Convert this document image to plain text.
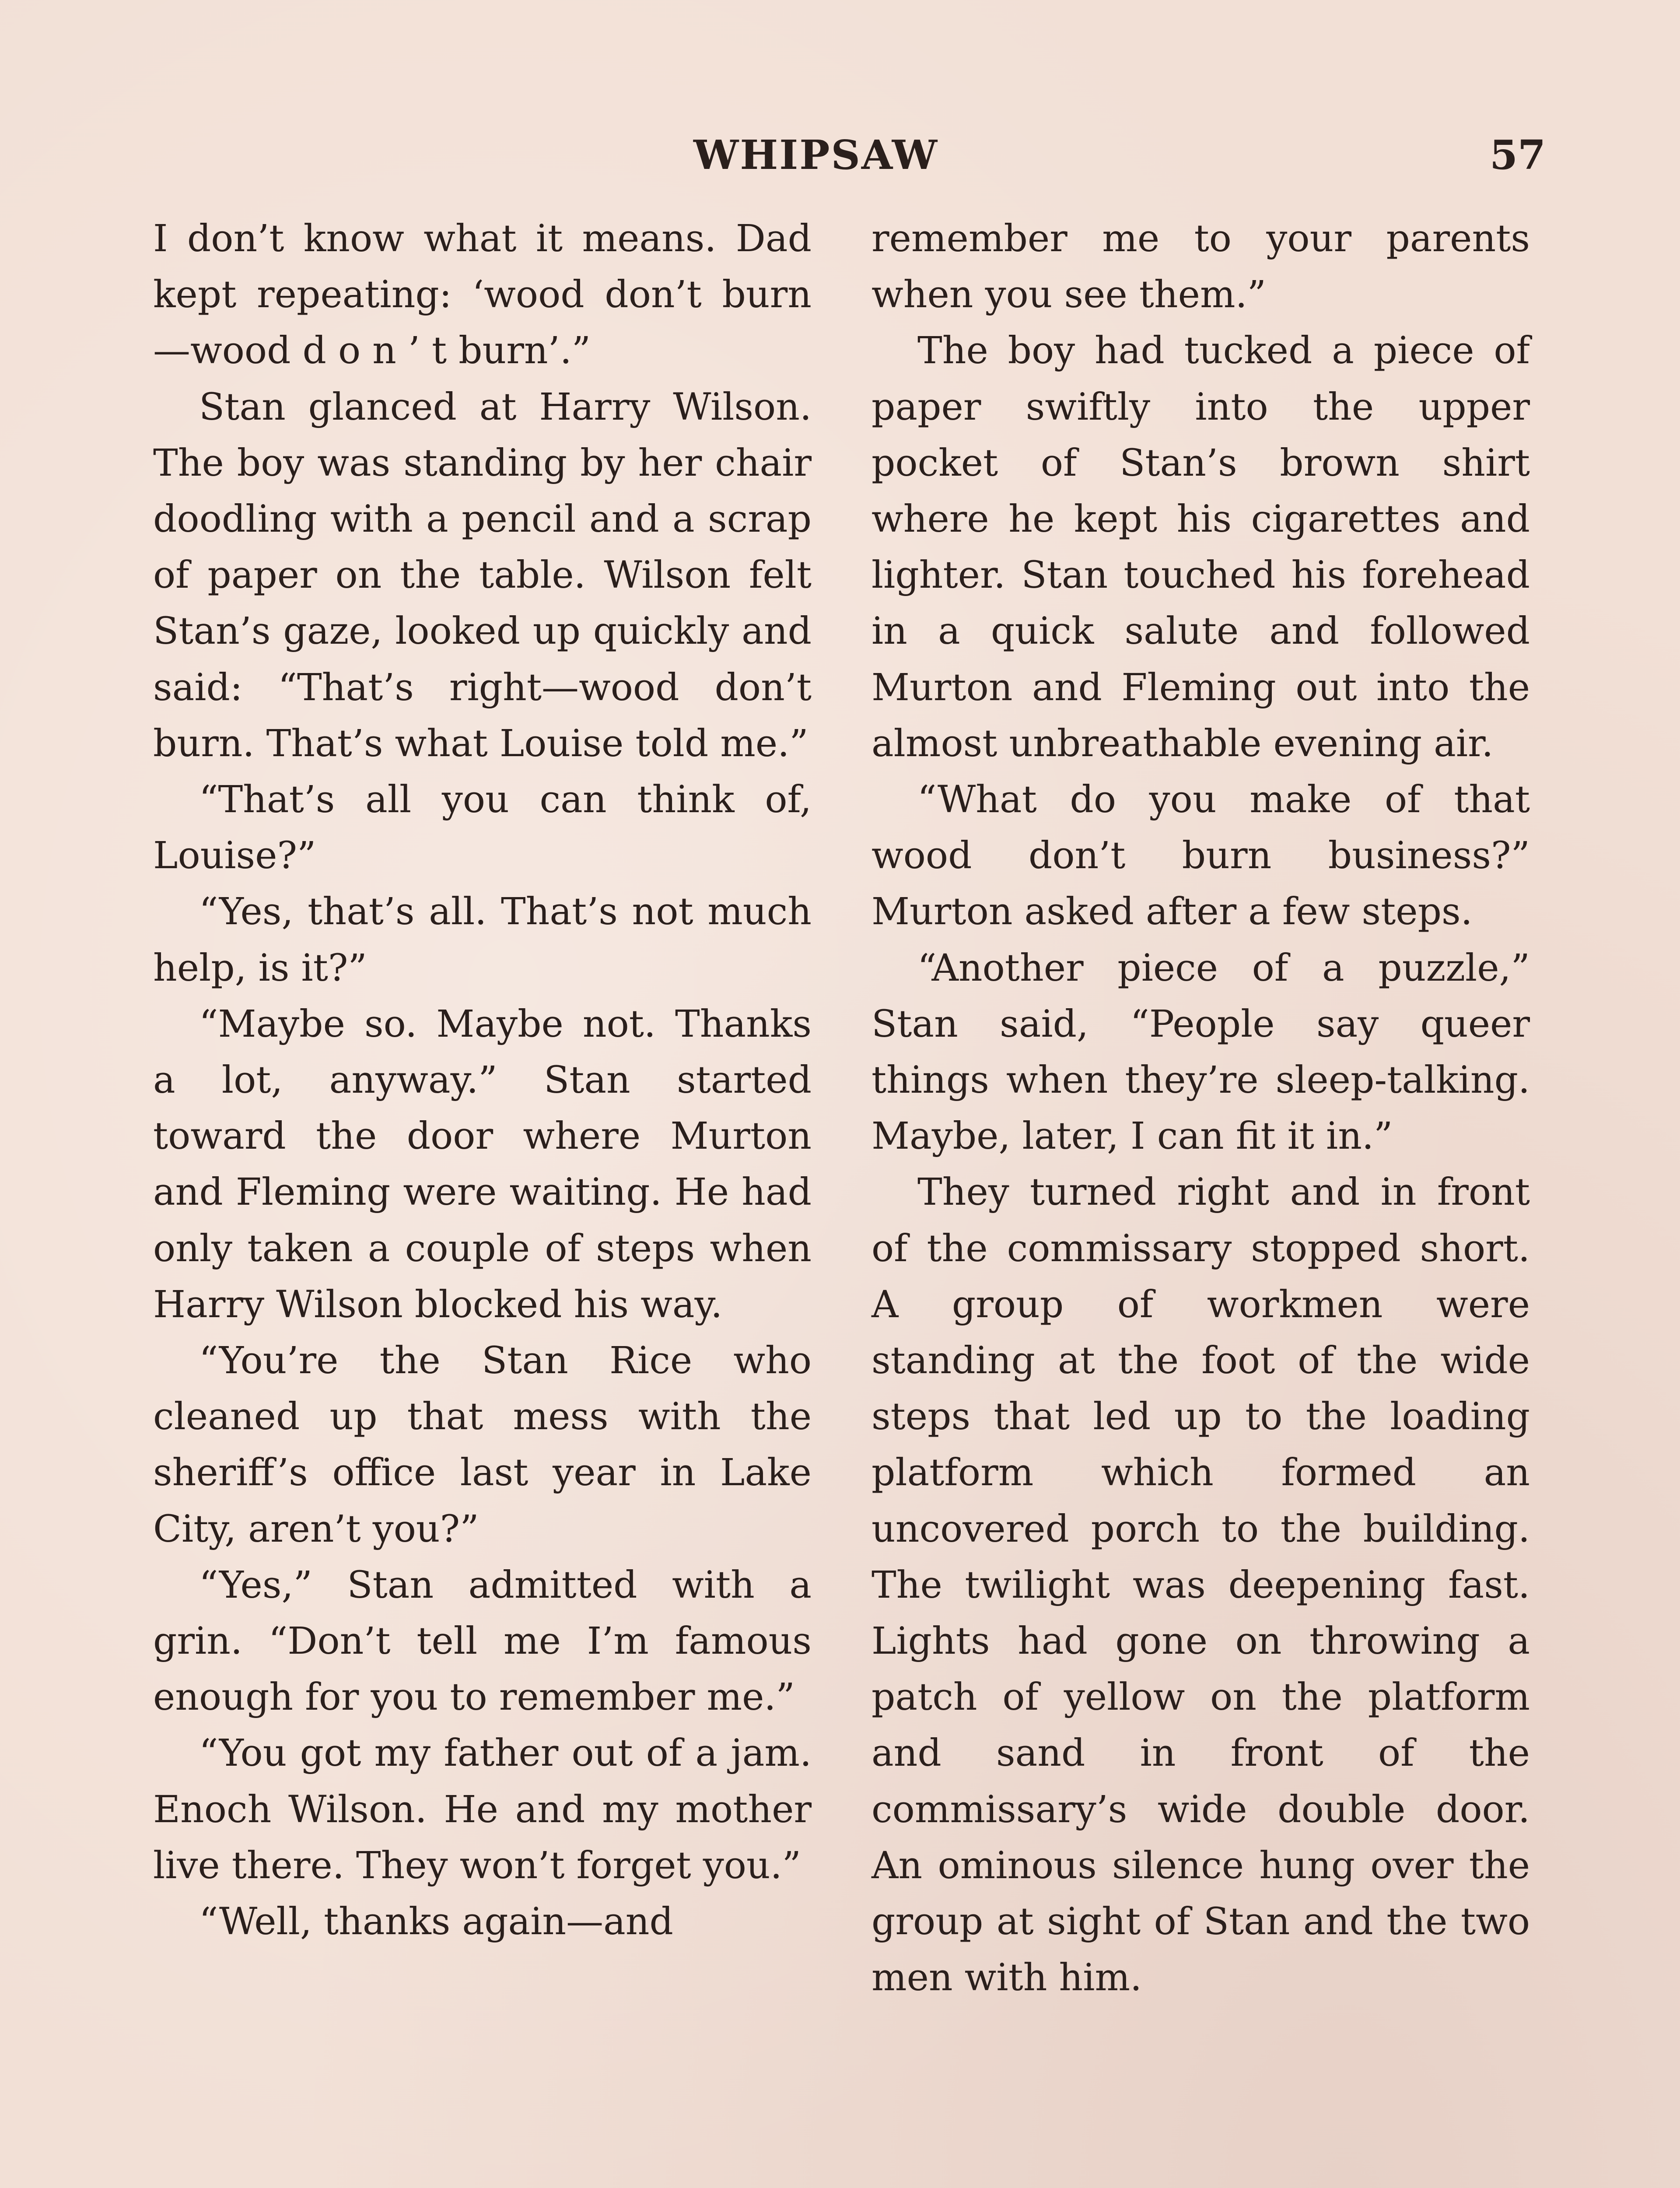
WHIPSAW	57

I don’t know what it means. Dad kept repeating: ‘wood don’t burn—wood d o n ’ t burn’.”

Stan glanced at Harry Wilson. The boy was standing by her chair doodling with a pencil and a scrap of paper on the table. Wilson felt Stan’s gaze, looked up quickly and said: “That’s right—wood don’t burn. That’s what Louise told me.”

“That’s all you can think of, Louise?”

“Yes, that’s all. That’s not much help, is it?”

“Maybe so. Maybe not. Thanks a lot, anyway.” Stan started toward the door where Murton and Fleming were waiting. He had only taken a couple of steps when Harry Wilson blocked his way.

“You’re the Stan Rice who cleaned up that mess with the sheriff’s office last year in Lake City, aren’t you?”

“Yes,” Stan admitted with a grin. “Don’t tell me I’m famous enough for you to remember me.”

“You got my father out of a jam. Enoch Wilson. He and my mother live there. They won’t forget you.”

“Well, thanks again—and

remember me to your parents when you see them.”

The boy had tucked a piece of paper swiftly into the upper pocket of Stan’s brown shirt where he kept his cigarettes and lighter. Stan touched his forehead in a quick salute and followed Murton and Fleming out into the almost unbreathable evening air.

“What do you make of that wood don’t burn business?” Murton asked after a few steps.

“Another piece of a puzzle,” Stan said, “People say queer things when they’re sleep-talking. Maybe, later, I can fit it in.”

They turned right and in front of the commissary stopped short. A group of workmen were standing at the foot of the wide steps that led up to the loading platform which formed an uncovered porch to the building. The twilight was deepening fast. Lights had gone on throwing a patch of yellow on the platform and sand in front of the commissary’s wide double door. An ominous silence hung over the group at sight of Stan and the two men with him.
